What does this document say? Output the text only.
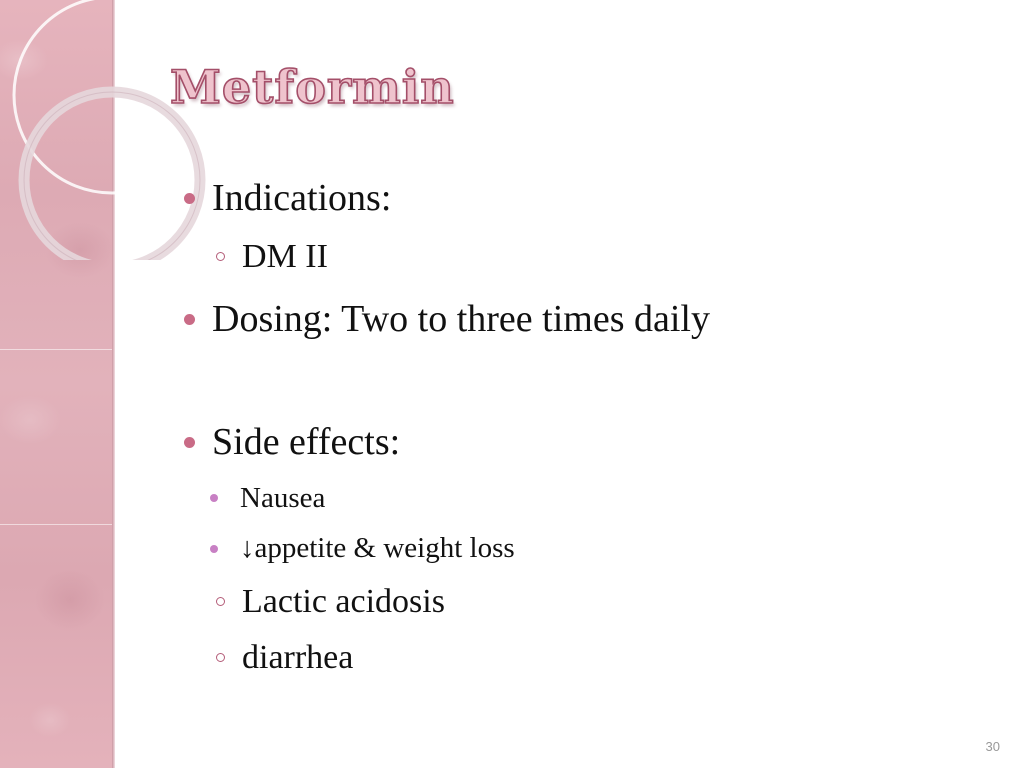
Metformin
Indications:
DM II
Dosing: Two to three times daily
Side effects:
Nausea
↓appetite & weight loss
Lactic acidosis
diarrhea
30
